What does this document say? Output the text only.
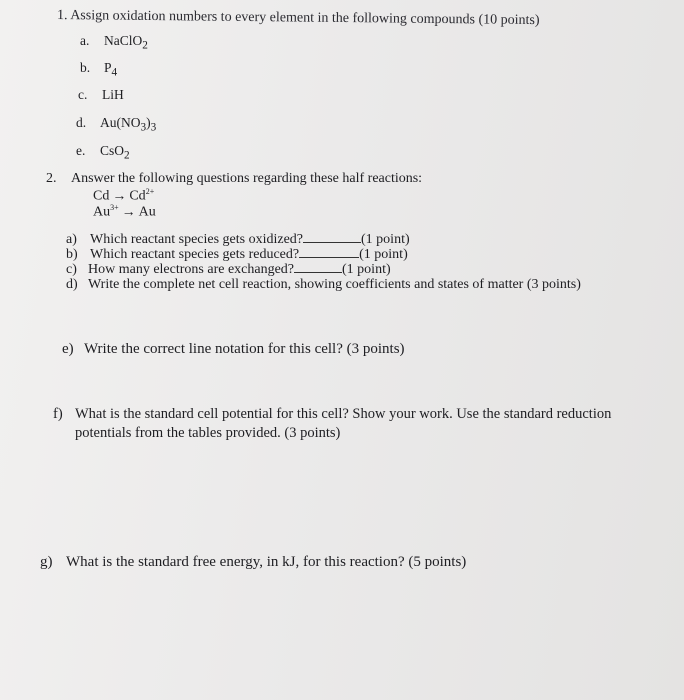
1. Assign oxidation numbers to every element in the following compounds (10 points)
a. NaClO$_2$
b. $P_4$
c. LiH
d. $Au(NO_3)_3$
e. CsO$_2$
2. Answer the following questions regarding these half reactions:
$Cd \to Cd^{2+}$
$Au^{3+} \to Au$
a) Which reactant species gets oxidized?	(1 point)
b) Which reactant species gets reduced?	(1 point)
c) How many electrons are exchanged?	(1 point)
d) Write the complete net cell reaction, showing coefficients and states of matter (3 points)
e) Write the correct line notation for this cell? (3 points)
f) What is the standard cell potential for this cell? Show your work. Use the standard reduction potentials from the tables provided. (3 points)
g) What is the standard free energy, in kJ, for this reaction? (5 points)
